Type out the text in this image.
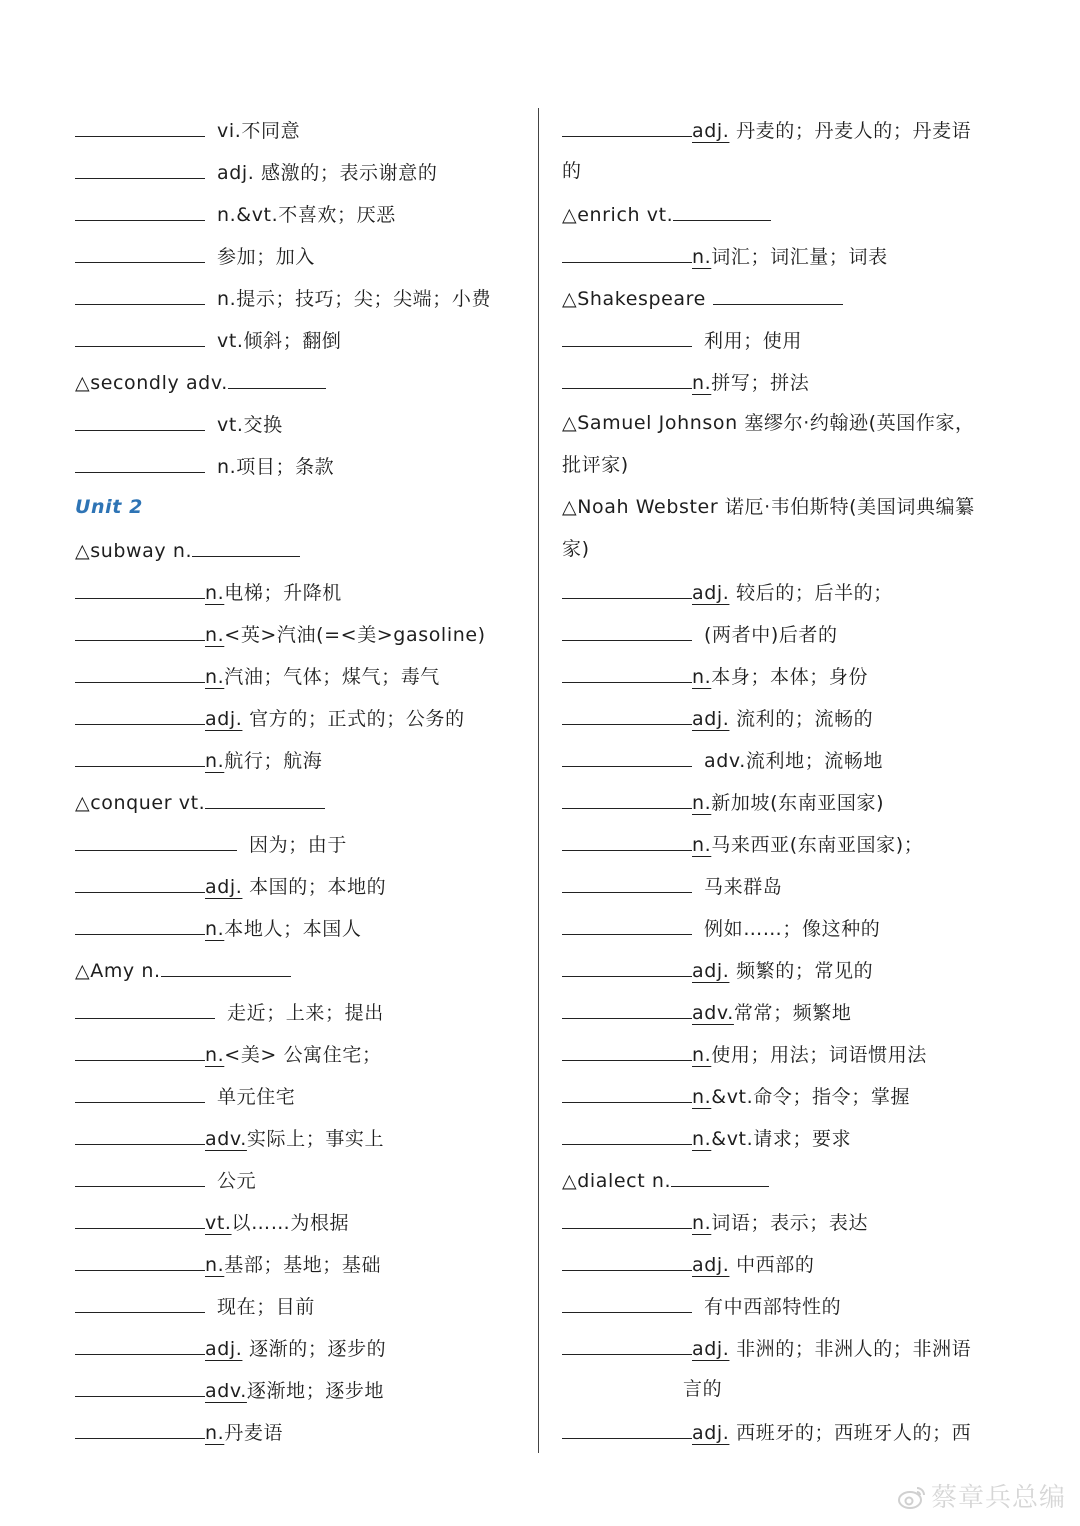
vi.不同意
adj. 感激的；表示谢意的
n.&vt.不喜欢；厌恶
参加；加入
n.提示；技巧；尖；尖端；小费
vt.倾斜；翻倒
△secondly adv.
vt.交换
n.项目；条款
Unit 2
△subway n.
n.电梯；升降机
n.<英>汽油(=<美>gasoline)
n.汽油；气体；煤气；毒气
adj. 官方的；正式的；公务的
n.航行；航海
△conquer vt.
因为；由于
adj. 本国的；本地的
n.本地人；本国人
△Amy n.
走近；上来；提出
n.<美> 公寓住宅；
单元住宅
adv.实际上；事实上
公元
vt.以……为根据
n.基部；基地；基础
现在；目前
adj. 逐渐的；逐步的
adv.逐渐地；逐步地
n.丹麦语
adj. 丹麦的；丹麦人的；丹麦语
的
△enrich vt.
n.词汇；词汇量；词表
△Shakespeare
利用；使用
n.拼写；拼法
△Samuel Johnson 塞缪尔·约翰逊(英国作家，
批评家)
△Noah Webster 诺厄·韦伯斯特(美国词典编纂
家)
adj. 较后的；后半的；
(两者中)后者的
n.本身；本体；身份
adj. 流利的；流畅的
adv.流利地；流畅地
n.新加坡(东南亚国家)
n.马来西亚(东南亚国家)；
马来群岛
例如……；像这种的
adj. 频繁的；常见的
adv.常常；频繁地
n.使用；用法；词语惯用法
n.&vt.命令；指令；掌握
n.&vt.请求；要求
△dialect n.
n.词语；表示；表达
adj. 中西部的
有中西部特性的
adj. 非洲的；非洲人的；非洲语
言的
adj. 西班牙的；西班牙人的；西
蔡章兵总编
